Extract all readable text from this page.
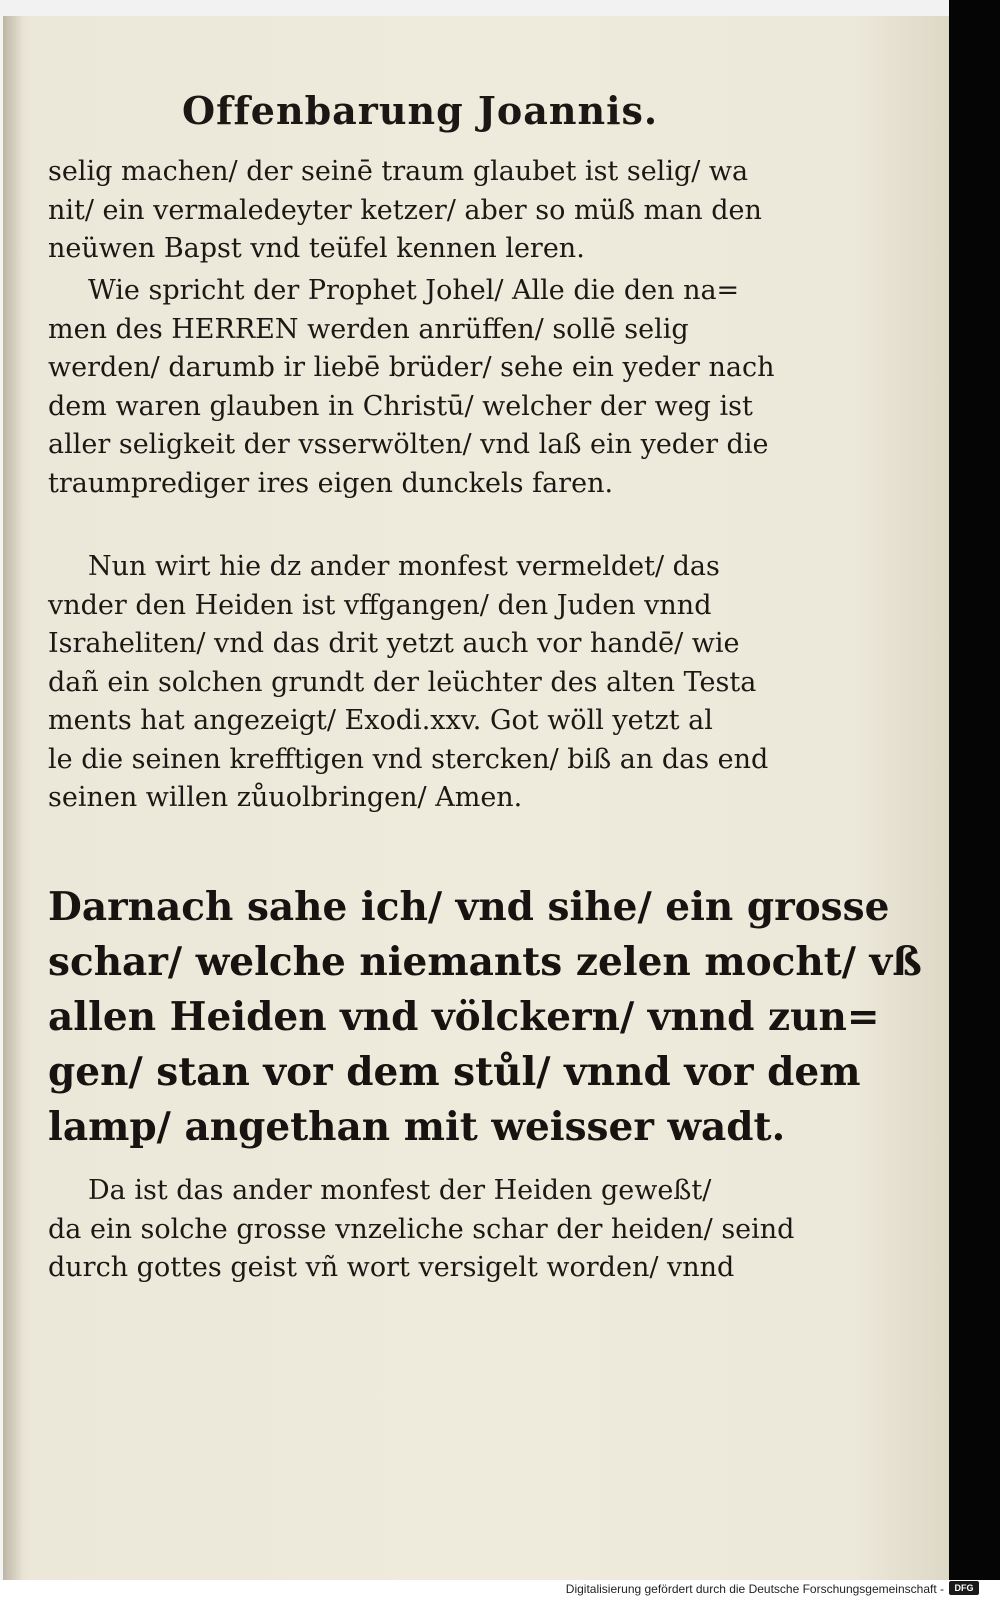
Offenbarung Joannis.
selig machen/ der seinē traum glaubet ist selig/ wa
nit/ ein vermaledeyter ketzer/ aber so müß man den
neüwen Bapst vnd teüfel kennen leren.
Wie spricht der Prophet Johel/ Alle die den na=
men des HERREN werden anrüffen/ sollē selig
werden/ darumb ir liebē brüder/ sehe ein yeder nach
dem waren glauben in Christū/ welcher der weg ist
aller seligkeit der vsserwölten/ vnd laß ein yeder die
traumprediger ires eigen dunckels faren.
Nun wirt hie dz ander monfest vermeldet/ das
vnder den Heiden ist vffgangen/ den Juden vnnd
Israheliten/ vnd das drit yetzt auch vor handē/ wie
dañ ein solchen grundt der leüchter des alten Testa
ments hat angezeigt/ Exodi.xxv. Got wöll yetzt al
le die seinen krefftigen vnd stercken/ biß an das end
seinen willen zůuolbringen/ Amen.
Darnach sahe ich/ vnd sihe/ ein grosse
schar/ welche niemants zelen mocht/ vß
allen Heiden vnd völckern/ vnnd zun=
gen/ stan vor dem stůl/ vnnd vor dem
lamp/ angethan mit weisser wadt.
Da ist das ander monfest der Heiden geweßt/
da ein solche grosse vnzeliche schar der heiden/ seind
durch gottes geist vñ wort versigelt worden/ vnnd
Digitalisierung gefördert durch die Deutsche Forschungsgemeinschaft -	DFG
